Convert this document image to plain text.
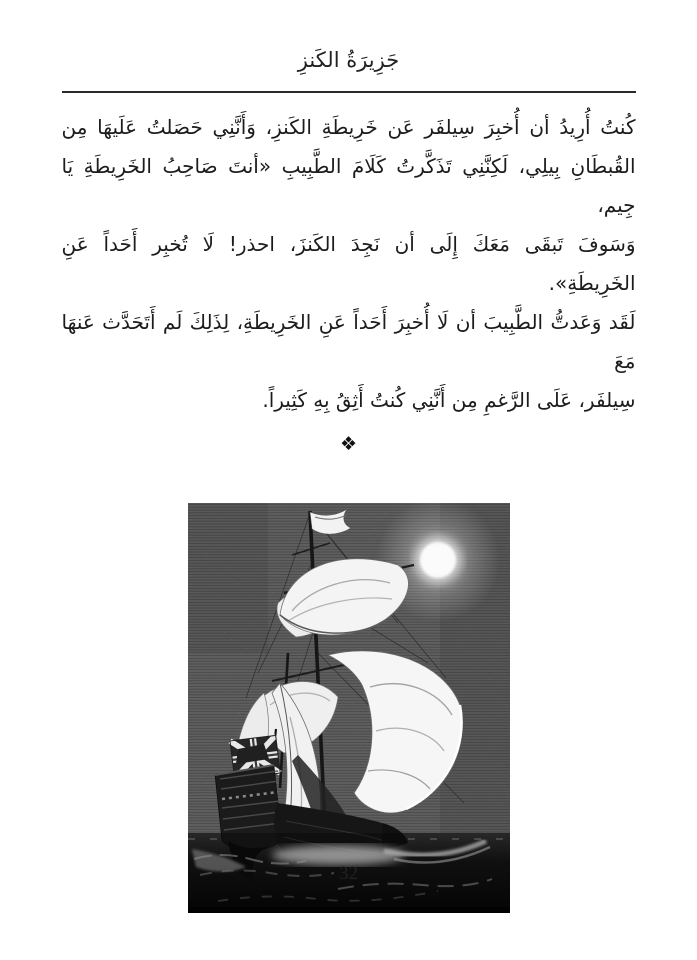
جَزِيرَةُ الكَنزِ
كُنتُ أُرِيدُ أن أُخبِرَ سِيلفَر عَن خَرِيطَةِ الكَنزِ، وَأَنَّنِي حَصَلتُ عَلَيهَا مِن
القُبطَانِ بِيلِي، لَكِنَّنِي تَذَكَّرتُ كَلَامَ الطَّبِيبِ «أنتَ صَاحِبُ الخَرِيطَةِ يَا جِيم،
وَسَوفَ تَبقَى مَعَكَ إِلَى أن نَجِدَ الكَنزَ، احذر! لَا تُخبِر أَحَداً عَنِ الخَرِيطَةِ».
لَقَد وَعَدتُّ الطَّبِيبَ أن لَا أُخبِرَ أَحَداً عَنِ الخَرِيطَةِ، لِذَلِكَ لَم أَتَحَدَّث عَنهَا مَعَ
سِيلفَر، عَلَى الرَّغمِ مِن أَنَّنِي كُنتُ أَثِقُ بِهِ كَثِيراً.
❖
32
